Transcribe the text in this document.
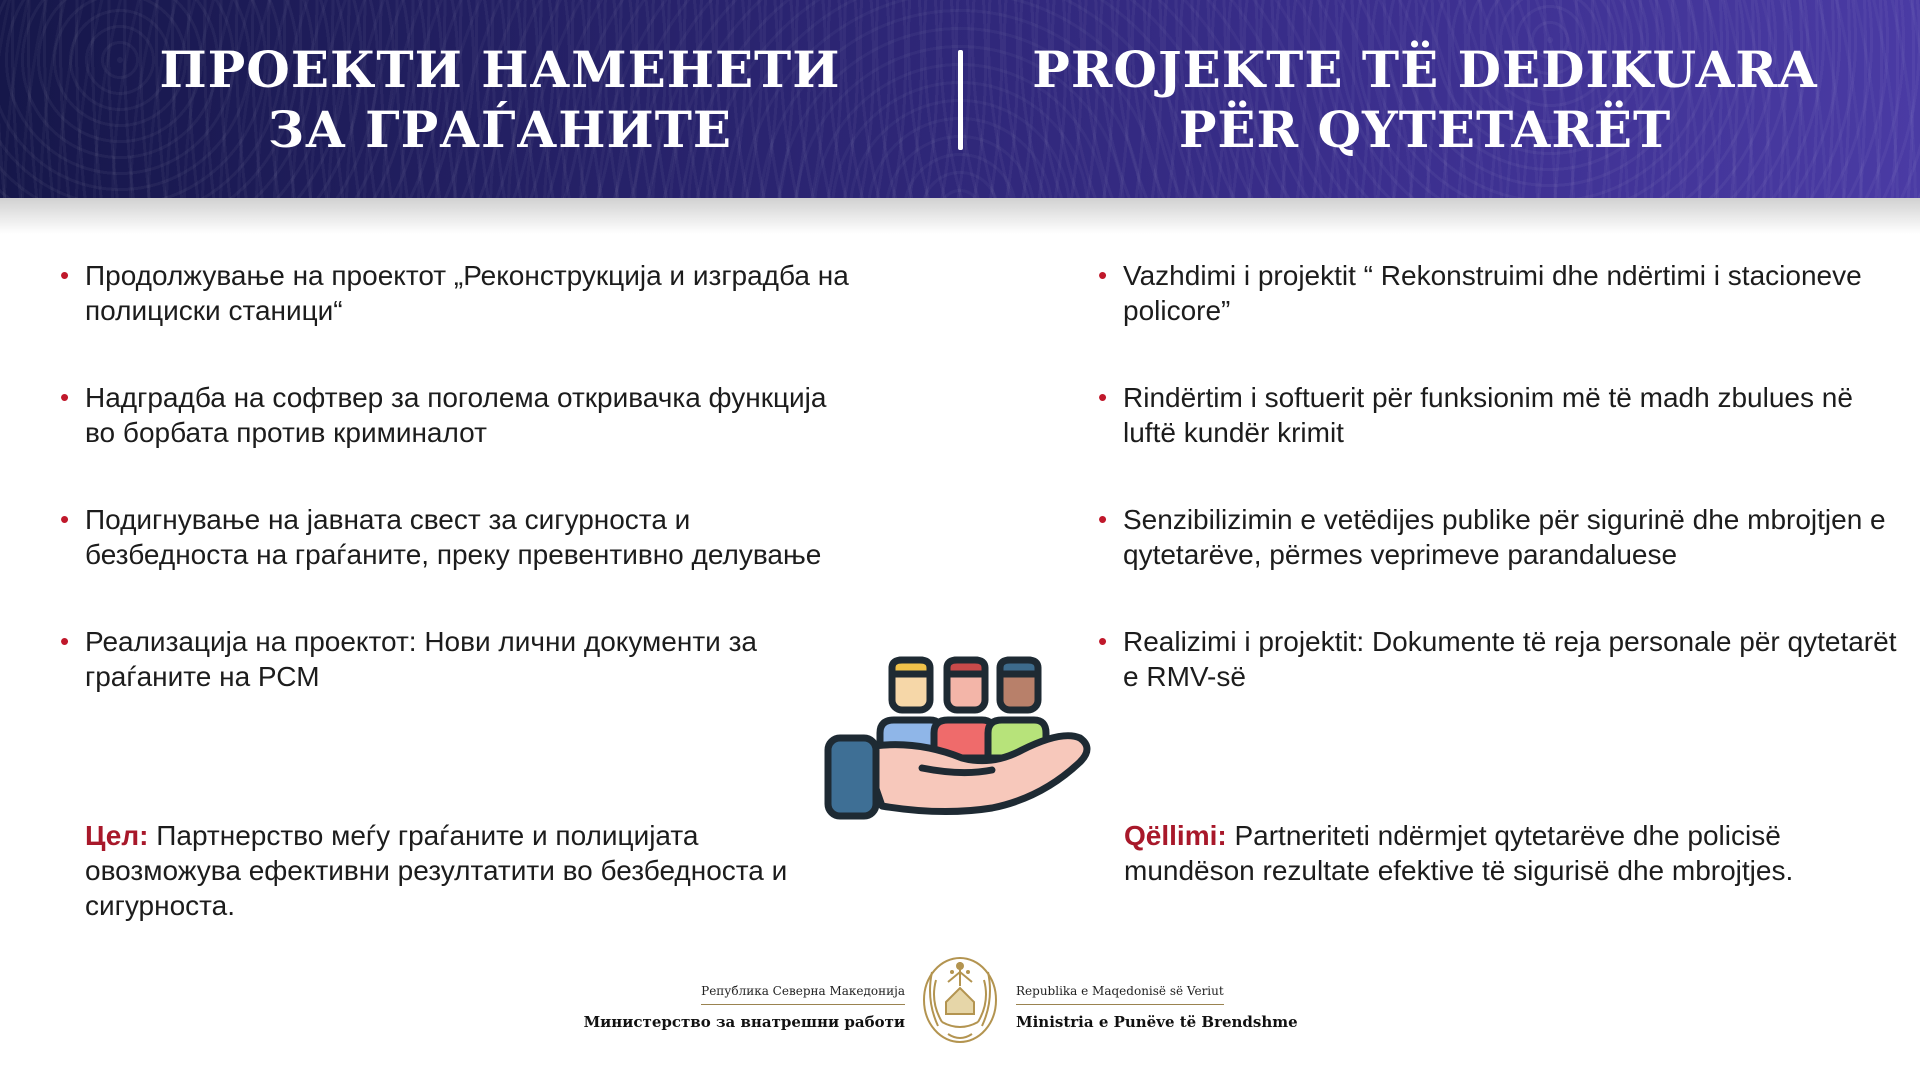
ПРОЕКТИ НАМЕНЕТИ
ЗА ГРАЃАНИТЕ
PROJEKTE TË DEDIKUARA
PËR QYTETARËT
• Продолжување на проектот „Реконструкција и изградба на полициски станици“
• Надградба на софтвер за поголема откривачка функција во борбата против криминалот
• Подигнување на јавната свест за сигурноста и безбедноста на граѓаните, преку превентивно делување
• Реализација на проектот: Нови лични документи за граѓаните на РСМ
• Vazhdimi i projektit “ Rekonstruimi dhe ndërtimi i stacioneve policore”
• Rindërtim i softuerit për funksionim më të madh zbulues në luftë kundër krimit
• Senzibilizimin e vetëdijes publike për sigurinë dhe mbrojtjen e qytetarëve, përmes veprimeve parandaluese
• Realizimi i projektit: Dokumente të reja personale për qytetarët e RMV-së
Цел: Партнерство меѓу граѓаните и полицијата овозможува ефективни резултатити во безбедноста и сигурноста.
Qëllimi: Partneriteti ndërmjet qytetarëve dhe policisë mundëson rezultate efektive të sigurisë dhe mbrojtjes.
Република Северна Македонија
Министерство за внатрешни работи
Republika e Maqedonisë së Veriut
Ministria e Punëve të Brendshme
